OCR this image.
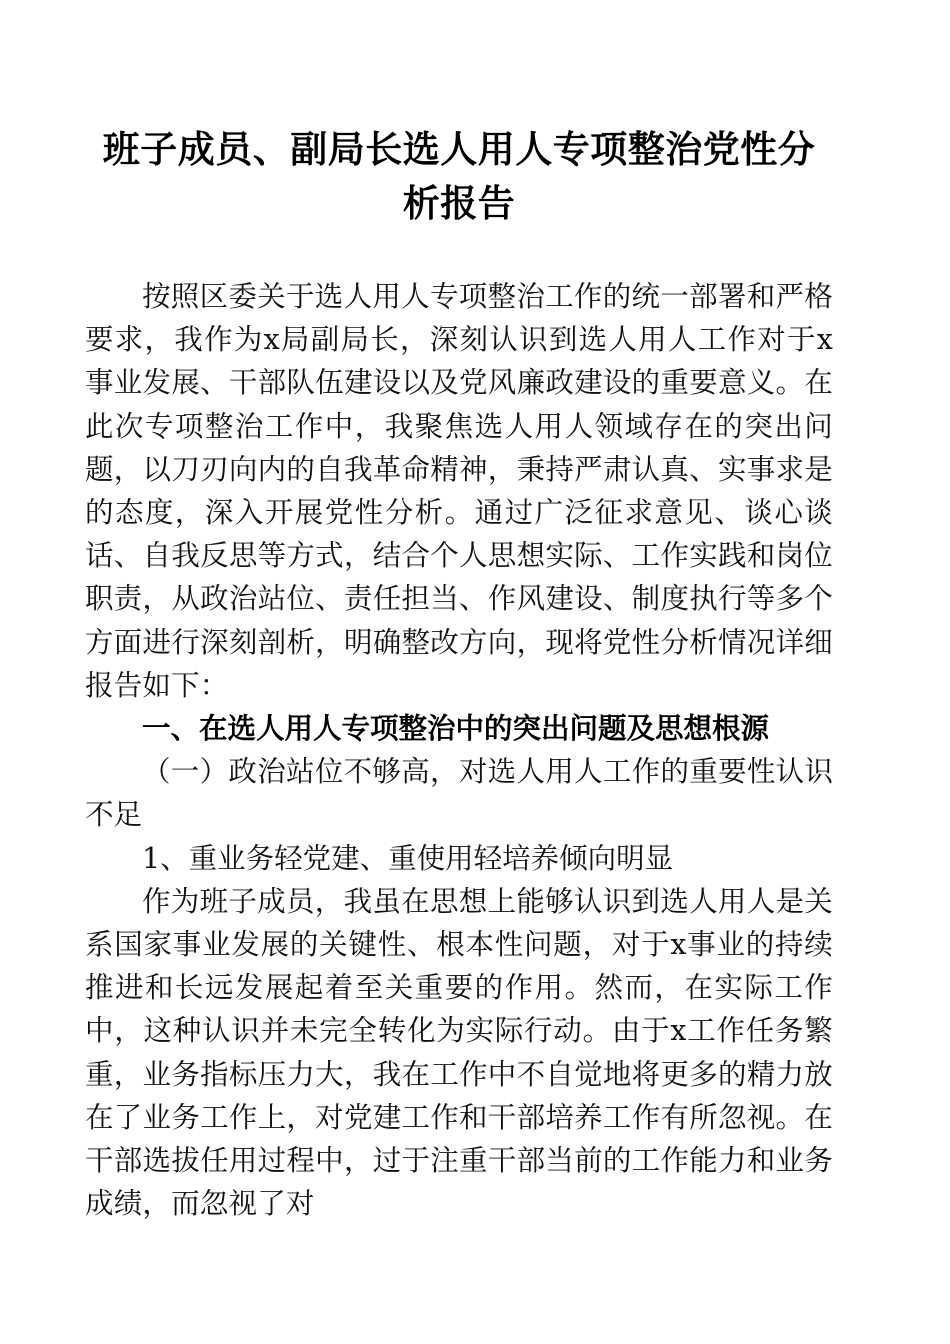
班子成员、副局长选人用人专项整治党性分析报告

按照区委关于选人用人专项整治工作的统一部署和严格要求，我作为x局副局长，深刻认识到选人用人工作对于x事业发展、干部队伍建设以及党风廉政建设的重要意义。在此次专项整治工作中，我聚焦选人用人领域存在的突出问题，以刀刃向内的自我革命精神，秉持严肃认真、实事求是的态度，深入开展党性分析。通过广泛征求意见、谈心谈话、自我反思等方式，结合个人思想实际、工作实践和岗位职责，从政治站位、责任担当、作风建设、制度执行等多个方面进行深刻剖析，明确整改方向，现将党性分析情况详细报告如下：

一、在选人用人专项整治中的突出问题及思想根源
（一）政治站位不够高，对选人用人工作的重要性认识不足
1、重业务轻党建、重使用轻培养倾向明显

作为班子成员，我虽在思想上能够认识到选人用人是关系国家事业发展的关键性、根本性问题，对于x事业的持续推进和长远发展起着至关重要的作用。然而，在实际工作中，这种认识并未完全转化为实际行动。由于x工作任务繁重，业务指标压力大，我在工作中不自觉地将更多的精力放在了业务工作上，对党建工作和干部培养工作有所忽视。在干部选拔任用过程中，过于注重干部当前的工作能力和业务成绩，而忽视了对
